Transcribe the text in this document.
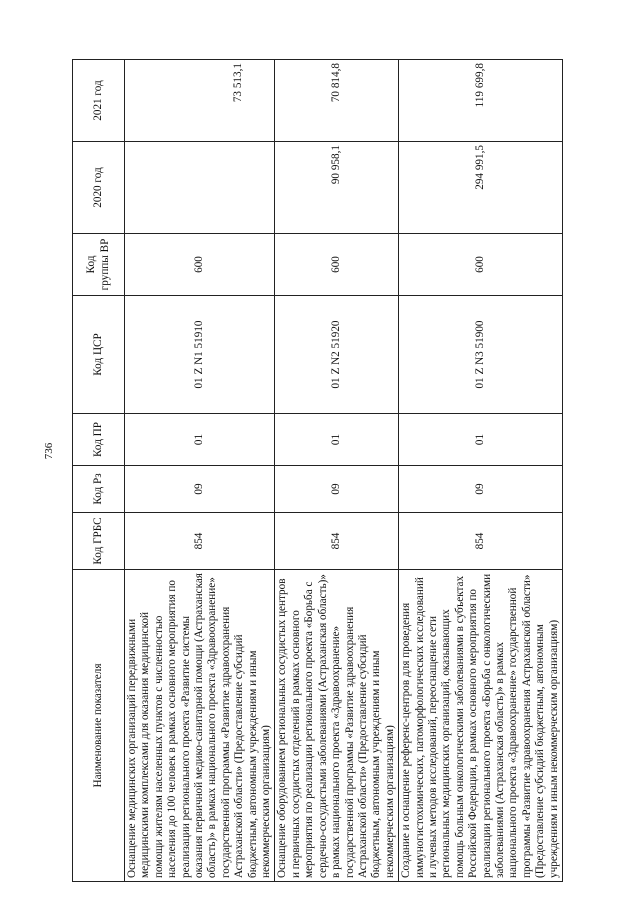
736
Наименование показателя	Код ГРБС	Код Рз	Код ПР	Код ЦСР	Код группы ВР	2020 год	2021 год

Оснащение медицинских организаций передвижными медицинскими комплексами для оказания медицинской помощи жителям населенных пунктов с численностью населения до 100 человек в рамках основного мероприятия по реализации регионального проекта «Развитие системы оказания первичной медико-санитарной помощи (Астраханская область)» в рамках национального проекта «Здравоохранение» государственной программы «Развитие здравоохранения Астраханской области» (Предоставление субсидий бюджетным, автономным учреждениям и иным некоммерческим организациям)	854	09	01	01 Z N1 51910	600		73 513,1

Оснащение оборудованием региональных сосудистых центров и первичных сосудистых отделений в рамках основного мероприятия по реализации регионального проекта «Борьба с сердечно-сосудистыми заболеваниями (Астраханская область)» в рамках национального проекта «Здравоохранение» государственной программы «Развитие здравоохранения Астраханской области» (Предоставление субсидий бюджетным, автономным учреждениям и иным некоммерческим организациям)	854	09	01	01 Z N2 51920	600	90 958,1	70 814,8

Создание и оснащение референс-центров для проведения иммуногистохимических, патоморфологических исследований и лучевых методов исследований, переоснащение сети региональных медицинских организаций, оказывающих помощь больным онкологическими заболеваниями в субъектах Российской Федерации, в рамках основного мероприятия по реализации регионального проекта «Борьба с онкологическими заболеваниями (Астраханская область)» в рамках национального проекта «Здравоохранение» государственной программы «Развитие здравоохранения Астраханской области» (Предоставление субсидий бюджетным, автономным учреждениям и иным некоммерческим организациям)	854	09	01	01 Z N3 51900	600	294 991,5	119 699,8
